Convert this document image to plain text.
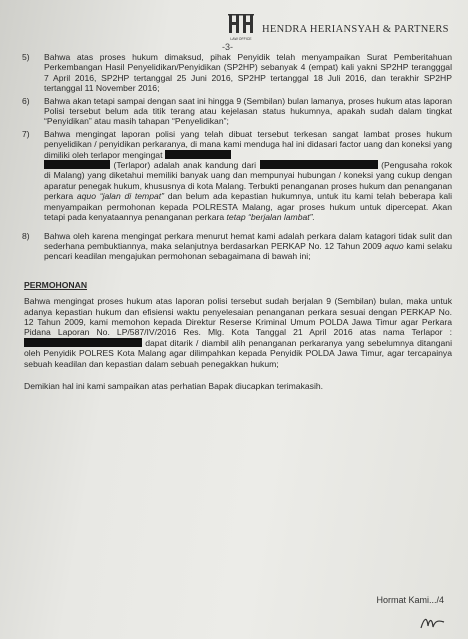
LAW OFFICE
HENDRA HERIANSYAH & PARTNERS
-3-
5)	Bahwa atas proses hukum dimaksud, pihak Penyidik telah menyampaikan Surat Pemberitahuan Perkembangan Hasil Penyelidikan/Penyidikan (SP2HP) sebanyak 4 (empat) kali yakni SP2HP terangggal 7 April 2016, SP2HP tertanggal 25 Juni 2016, SP2HP tertanggal 18 Juli 2016, dan terakhir SP2HP tertanggal 11 November 2016;
6)	Bahwa akan tetapi sampai dengan saat ini hingga 9 (Sembilan) bulan lamanya, proses hukum atas laporan Polisi tersebut belum ada titik terang atau kejelasan status hukumnya, apakah sudah dalam tingkat “Penyidikan” atau masih tahapan “Penyelidikan”;
7)	Bahwa mengingat laporan polisi yang telah dibuat tersebut terkesan sangat lambat proses hukum penyelidikan / penyidikan perkaranya, di mana kami menduga hal ini didasari factor uang dan koneksi yang dimiliki oleh terlapor mengingat
(Terlapor) adalah anak kandung dari	(Pengusaha rokok di Malang) yang diketahui memiliki banyak uang dan mempunyai hubungan / koneksi yang cukup dengan aparatur penegak hukum, khususnya di kota Malang. Terbukti penanganan proses hukum dan penanganan perkara aquo “jalan di tempat” dan belum ada kepastian hukumnya, untuk itu kami telah beberapa kali menyampaikan permohonan kepada POLRESTA Malang, agar proses hukum untuk dipercepat. Akan tetapi pada kenyataannya penanganan perkara tetap “berjalan lambat”.
8)	Bahwa oleh karena mengingat perkara menurut hemat kami adalah perkara dalam katagori tidak sulit dan sederhana pembuktiannya, maka selanjutnya berdasarkan PERKAP No. 12 Tahun 2009 aquo kami selaku pencari keadilan mengajukan permohonan sebagaimana di bawah ini;
PERMOHONAN
Bahwa mengingat proses hukum atas laporan polisi tersebut sudah berjalan 9 (Sembilan) bulan, maka untuk adanya kepastian hukum dan efisiensi waktu penyelesaian penanganan perkara sesuai dengan PERKAP No. 12 Tahun 2009, kami memohon kepada Direktur Reserse Kriminal Umum POLDA Jawa Timur agar Perkara Pidana Laporan No. LP/587/IV/2016 Res. Mlg. Kota Tanggal 21 April 2016 atas nama Terlapor :  dapat ditarik / diambil alih penanganan perkaranya yang sebelumnya ditangani oleh Penyidik POLRES Kota Malang agar dilimpahkan kepada Penyidik POLDA Jawa Timur, agar tercapainya sebuah keadilan dan kepastian dalam sebuah penegakkan hukum;
Demikian hal ini kami sampaikan atas perhatian Bapak diucapkan terimakasih.
Hormat Kami.../4
